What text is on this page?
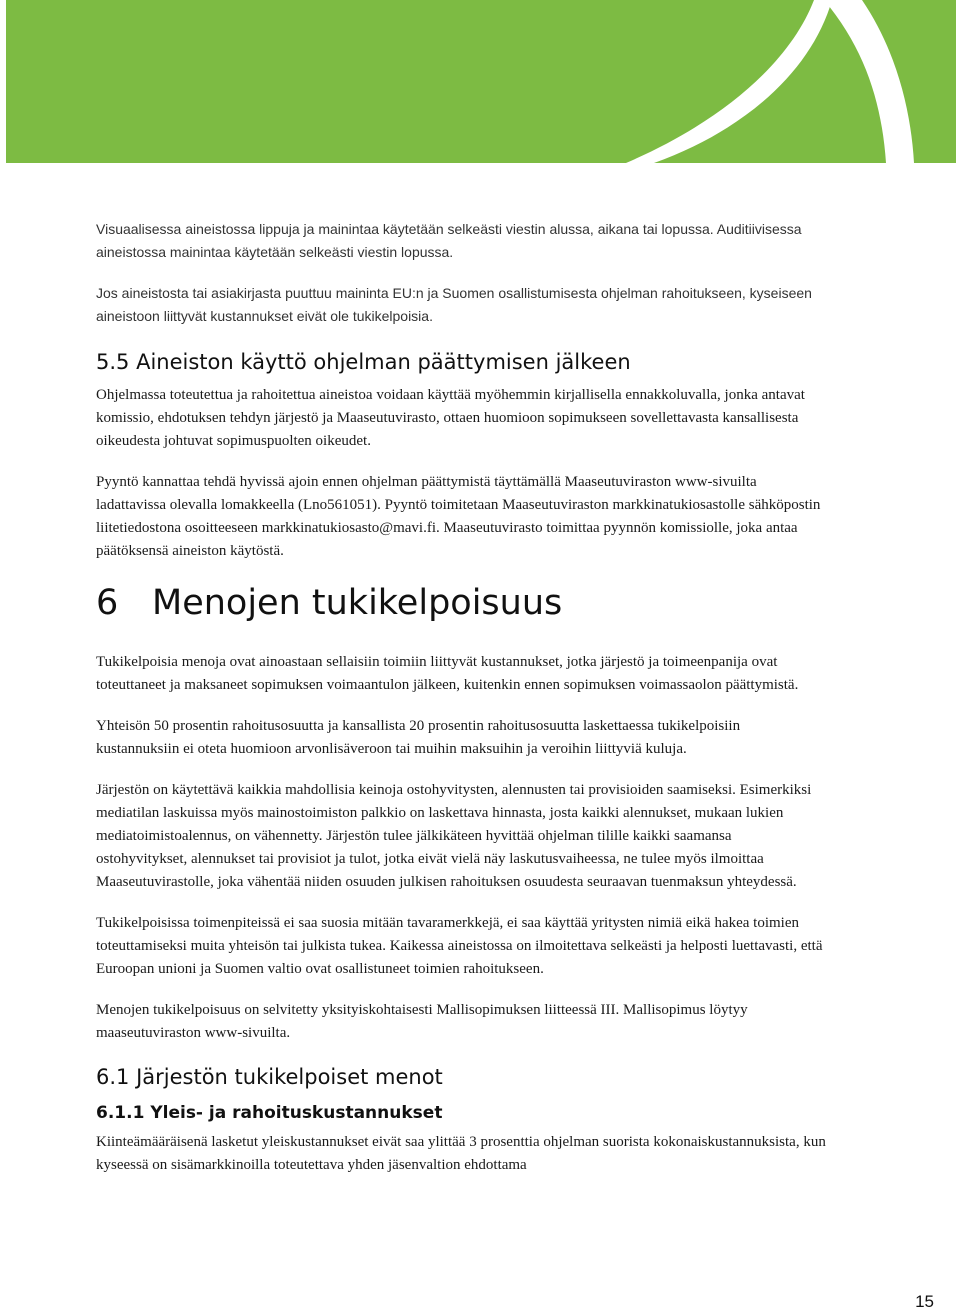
Visuaalisessa aineistossa lippuja ja mainintaa käytetään selkeästi viestin alussa, aikana tai lopussa. Auditiivisessa aineistossa mainintaa käytetään selkeästi viestin lopussa.

Jos aineistosta tai asiakirjasta puuttuu maininta EU:n ja Suomen osallistumisesta ohjelman rahoitukseen, kyseiseen aineistoon liittyvät kustannukset eivät ole tukikelpoisia.

5.5 Aineiston käyttö ohjelman päättymisen jälkeen

Ohjelmassa toteutettua ja rahoitettua aineistoa voidaan käyttää myöhemmin kirjallisella ennakkoluvalla, jonka antavat komissio, ehdotuksen tehdyn järjestö ja Maaseutuvirasto, ottaen huomioon sopimukseen sovellettavasta kansallisesta oikeudesta johtuvat sopimuspuolten oikeudet.

Pyyntö kannattaa tehdä hyvissä ajoin ennen ohjelman päättymistä täyttämällä Maaseutuviraston www-sivuilta ladattavissa olevalla lomakkeella (Lno561051). Pyyntö toimitetaan Maaseutuviraston markkinatukiosastolle sähköpostin liitetiedostona osoitteeseen markkinatukiosasto@mavi.fi. Maaseutuvirasto toimittaa pyynnön komissiolle, joka antaa päätöksensä aineiston käytöstä.

6 Menojen tukikelpoisuus

Tukikelpoisia menoja ovat ainoastaan sellaisiin toimiin liittyvät kustannukset, jotka järjestö ja toimeenpanija ovat toteuttaneet ja maksaneet sopimuksen voimaantulon jälkeen, kuitenkin ennen sopimuksen voimassaolon päättymistä.

Yhteisön 50 prosentin rahoitusosuutta ja kansallista 20 prosentin rahoitusosuutta laskettaessa tukikelpoisiin kustannuksiin ei oteta huomioon arvonlisäveroon tai muihin maksuihin ja veroihin liittyviä kuluja.

Järjestön on käytettävä kaikkia mahdollisia keinoja ostohyvitysten, alennusten tai provisioiden saamiseksi. Esimerkiksi mediatilan laskuissa myös mainostoimiston palkkio on laskettava hinnasta, josta kaikki alennukset, mukaan lukien mediatoimistoalennus, on vähennetty. Järjestön tulee jälkikäteen hyvittää ohjelman tilille kaikki saamansa ostohyvitykset, alennukset tai provisiot ja tulot, jotka eivät vielä näy laskutusvaiheessa, ne tulee myös ilmoittaa Maaseutuvirastolle, joka vähentää niiden osuuden julkisen rahoituksen osuudesta seuraavan tuenmaksun yhteydessä.

Tukikelpoisissa toimenpiteissä ei saa suosia mitään tavaramerkkejä, ei saa käyttää yritysten nimiä eikä hakea toimien toteuttamiseksi muita yhteisön tai julkista tukea. Kaikessa aineistossa on ilmoitettava selkeästi ja helposti luettavasti, että Euroopan unioni ja Suomen valtio ovat osallistuneet toimien rahoitukseen.

Menojen tukikelpoisuus on selvitetty yksityiskohtaisesti Mallisopimuksen liitteessä III. Mallisopimus löytyy maaseutuviraston www-sivuilta.

6.1 Järjestön tukikelpoiset menot
6.1.1 Yleis- ja rahoituskustannukset

Kiinteämääräisenä lasketut yleiskustannukset eivät saa ylittää 3 prosenttia ohjelman suorista kokonaiskustannuksista, kun kyseessä on sisämarkkinoilla toteutettava yhden jäsenvaltion ehdottama

15
